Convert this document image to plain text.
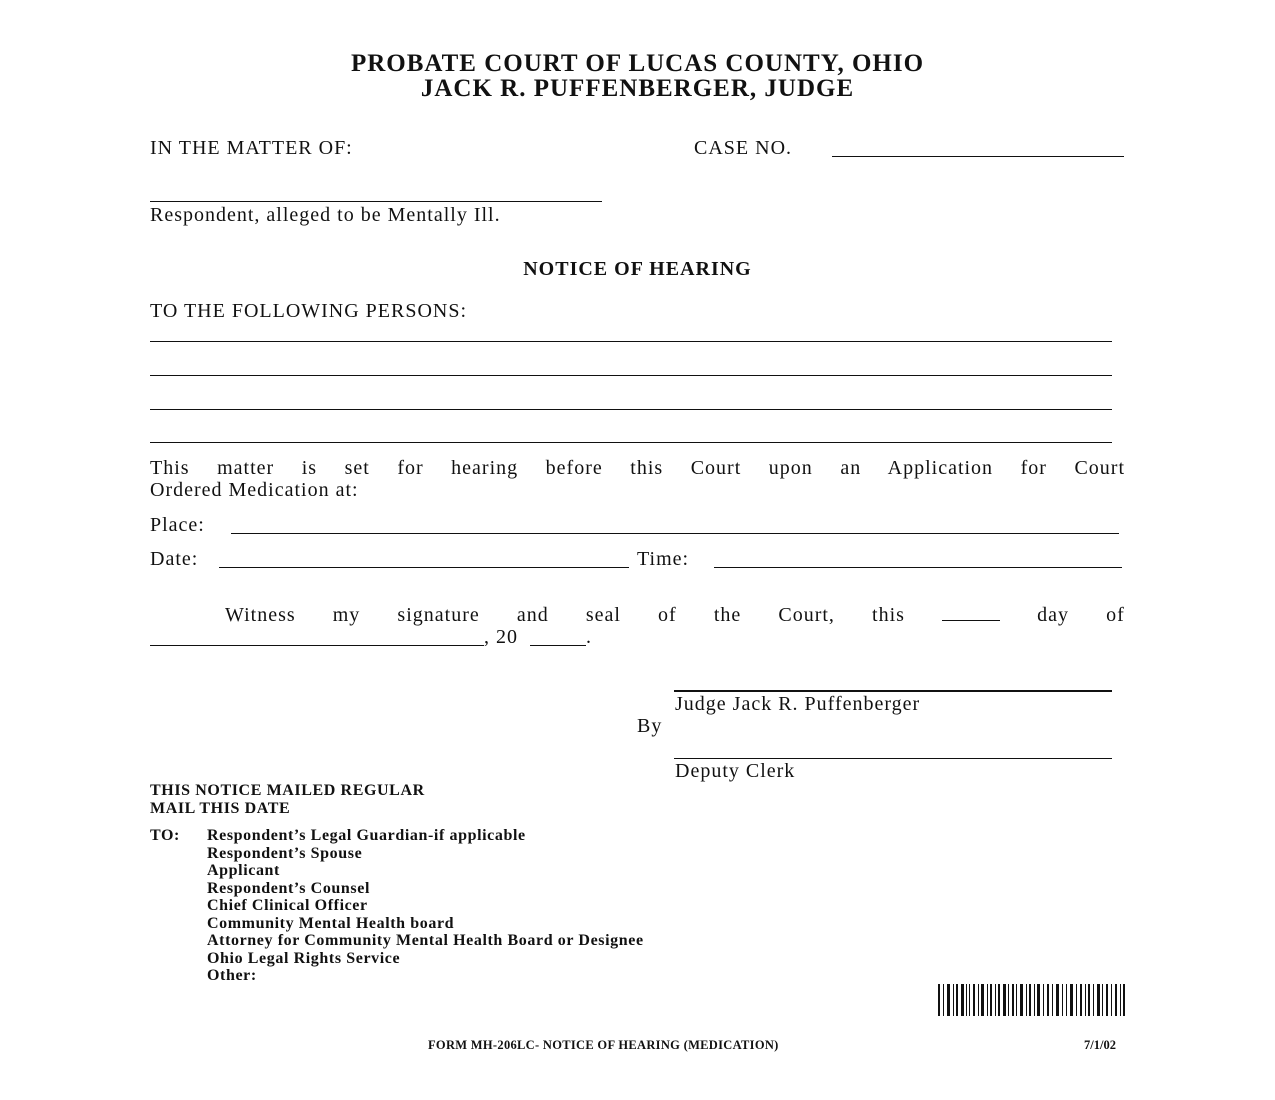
PROBATE COURT OF LUCAS COUNTY, OHIO
JACK R. PUFFENBERGER, JUDGE
IN THE MATTER OF:	CASE NO.
Respondent, alleged to be Mentally Ill.
NOTICE OF HEARING
TO THE FOLLOWING PERSONS:
This matter is set for hearing before this Court upon an Application for Court
Ordered Medication at:
Place:
Date:	Time:
Witness my signature and seal of the Court, this	day of
, 20	.
Judge Jack R. Puffenberger
By
Deputy Clerk
THIS NOTICE MAILED REGULAR
MAIL THIS DATE
TO: Respondent’s Legal Guardian-if applicable
Respondent’s Spouse
Applicant
Respondent’s Counsel
Chief Clinical Officer
Community Mental Health board
Attorney for Community Mental Health Board or Designee
Ohio Legal Rights Service
Other:
FORM MH-206LC- NOTICE OF HEARING (MEDICATION)	7/1/02
